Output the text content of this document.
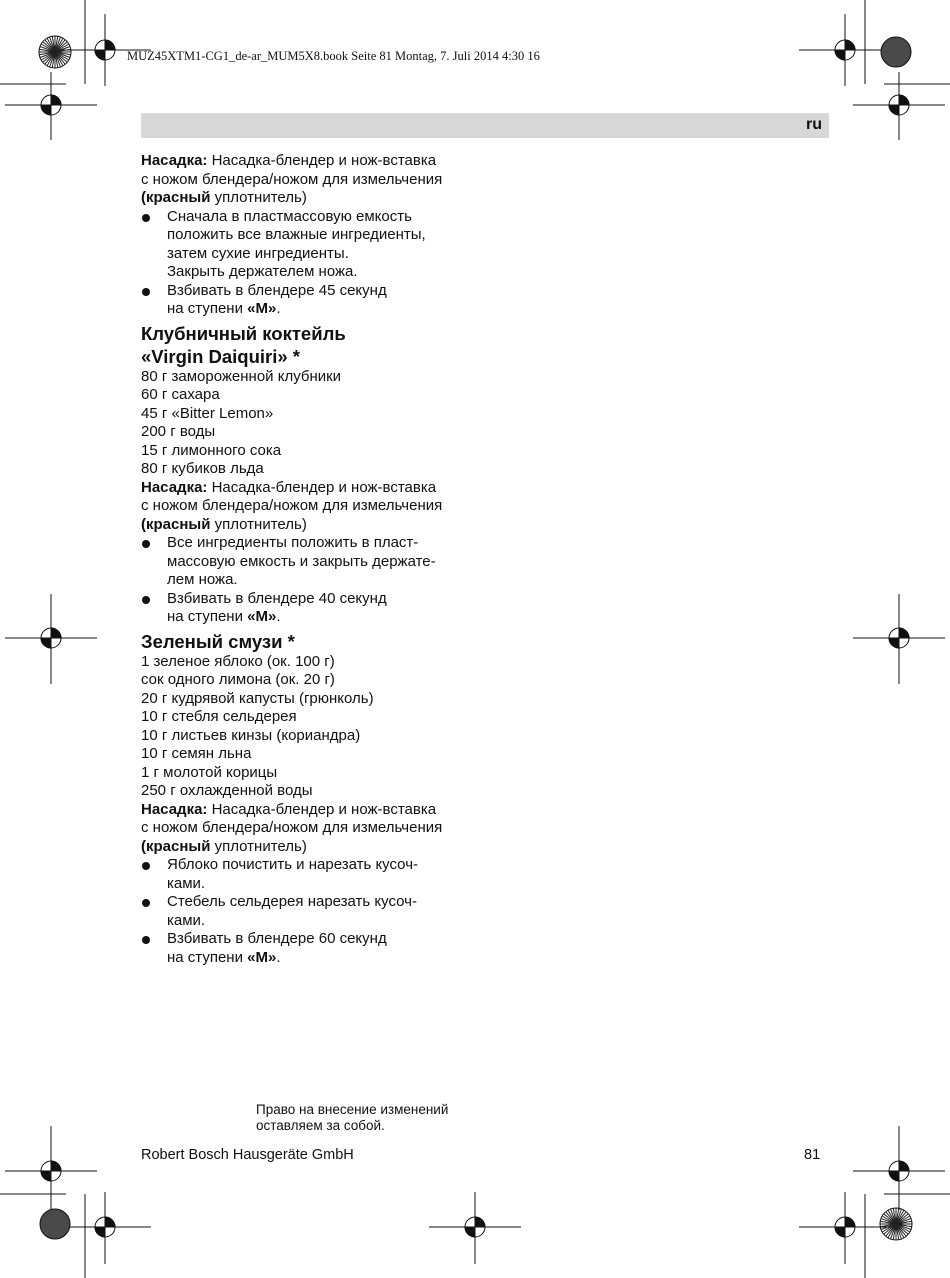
MUZ45XTM1-CG1_de-ar_MUM5X8.book Seite 81 Montag, 7. Juli 2014 4:30 16
ru

Насадка: Насадка-блендер и нож-вставка
с ножом блендера/ножом для измельчения
(красный уплотнитель)

Сначала в пластмассовую емкость
положить все влажные ингредиенты,
затем сухие ингредиенты.
Закрыть держателем ножа.
Взбивать в блендере 45 секунд
на ступени «М».
Клубничный коктейль
«Virgin Daiquiri» *

80 г замороженной клубники
60 г сахара
45 г «Bitter Lemon»
200 г воды
15 г лимонного сока
80 г кубиков льда

Насадка: Насадка-блендер и нож-вставка
с ножом блендера/ножом для измельчения
(красный уплотнитель)

Все ингредиенты положить в пласт-
массовую емкость и закрыть держате-
лем ножа.
Взбивать в блендере 40 секунд
на ступени «М».
Зеленый смузи *

1 зеленое яблоко (ок. 100 г)
сок одного лимона (ок. 20 г)
20 г кудрявой капусты (грюнколь)
10 г стебля сельдерея
10 г листьев кинзы (кориандра)
10 г семян льна
1 г молотой корицы
250 г охлажденной воды

Насадка: Насадка-блендер и нож-вставка
с ножом блендера/ножом для измельчения
(красный уплотнитель)

Яблоко почистить и нарезать кусоч-
ками.
Стебель сельдерея нарезать кусоч-
ками.
Взбивать в блендере 60 секунд
на ступени «М».
Право на внесение изменений
оставляем за собой.
Robert Bosch Hausgeräte GmbH	81
